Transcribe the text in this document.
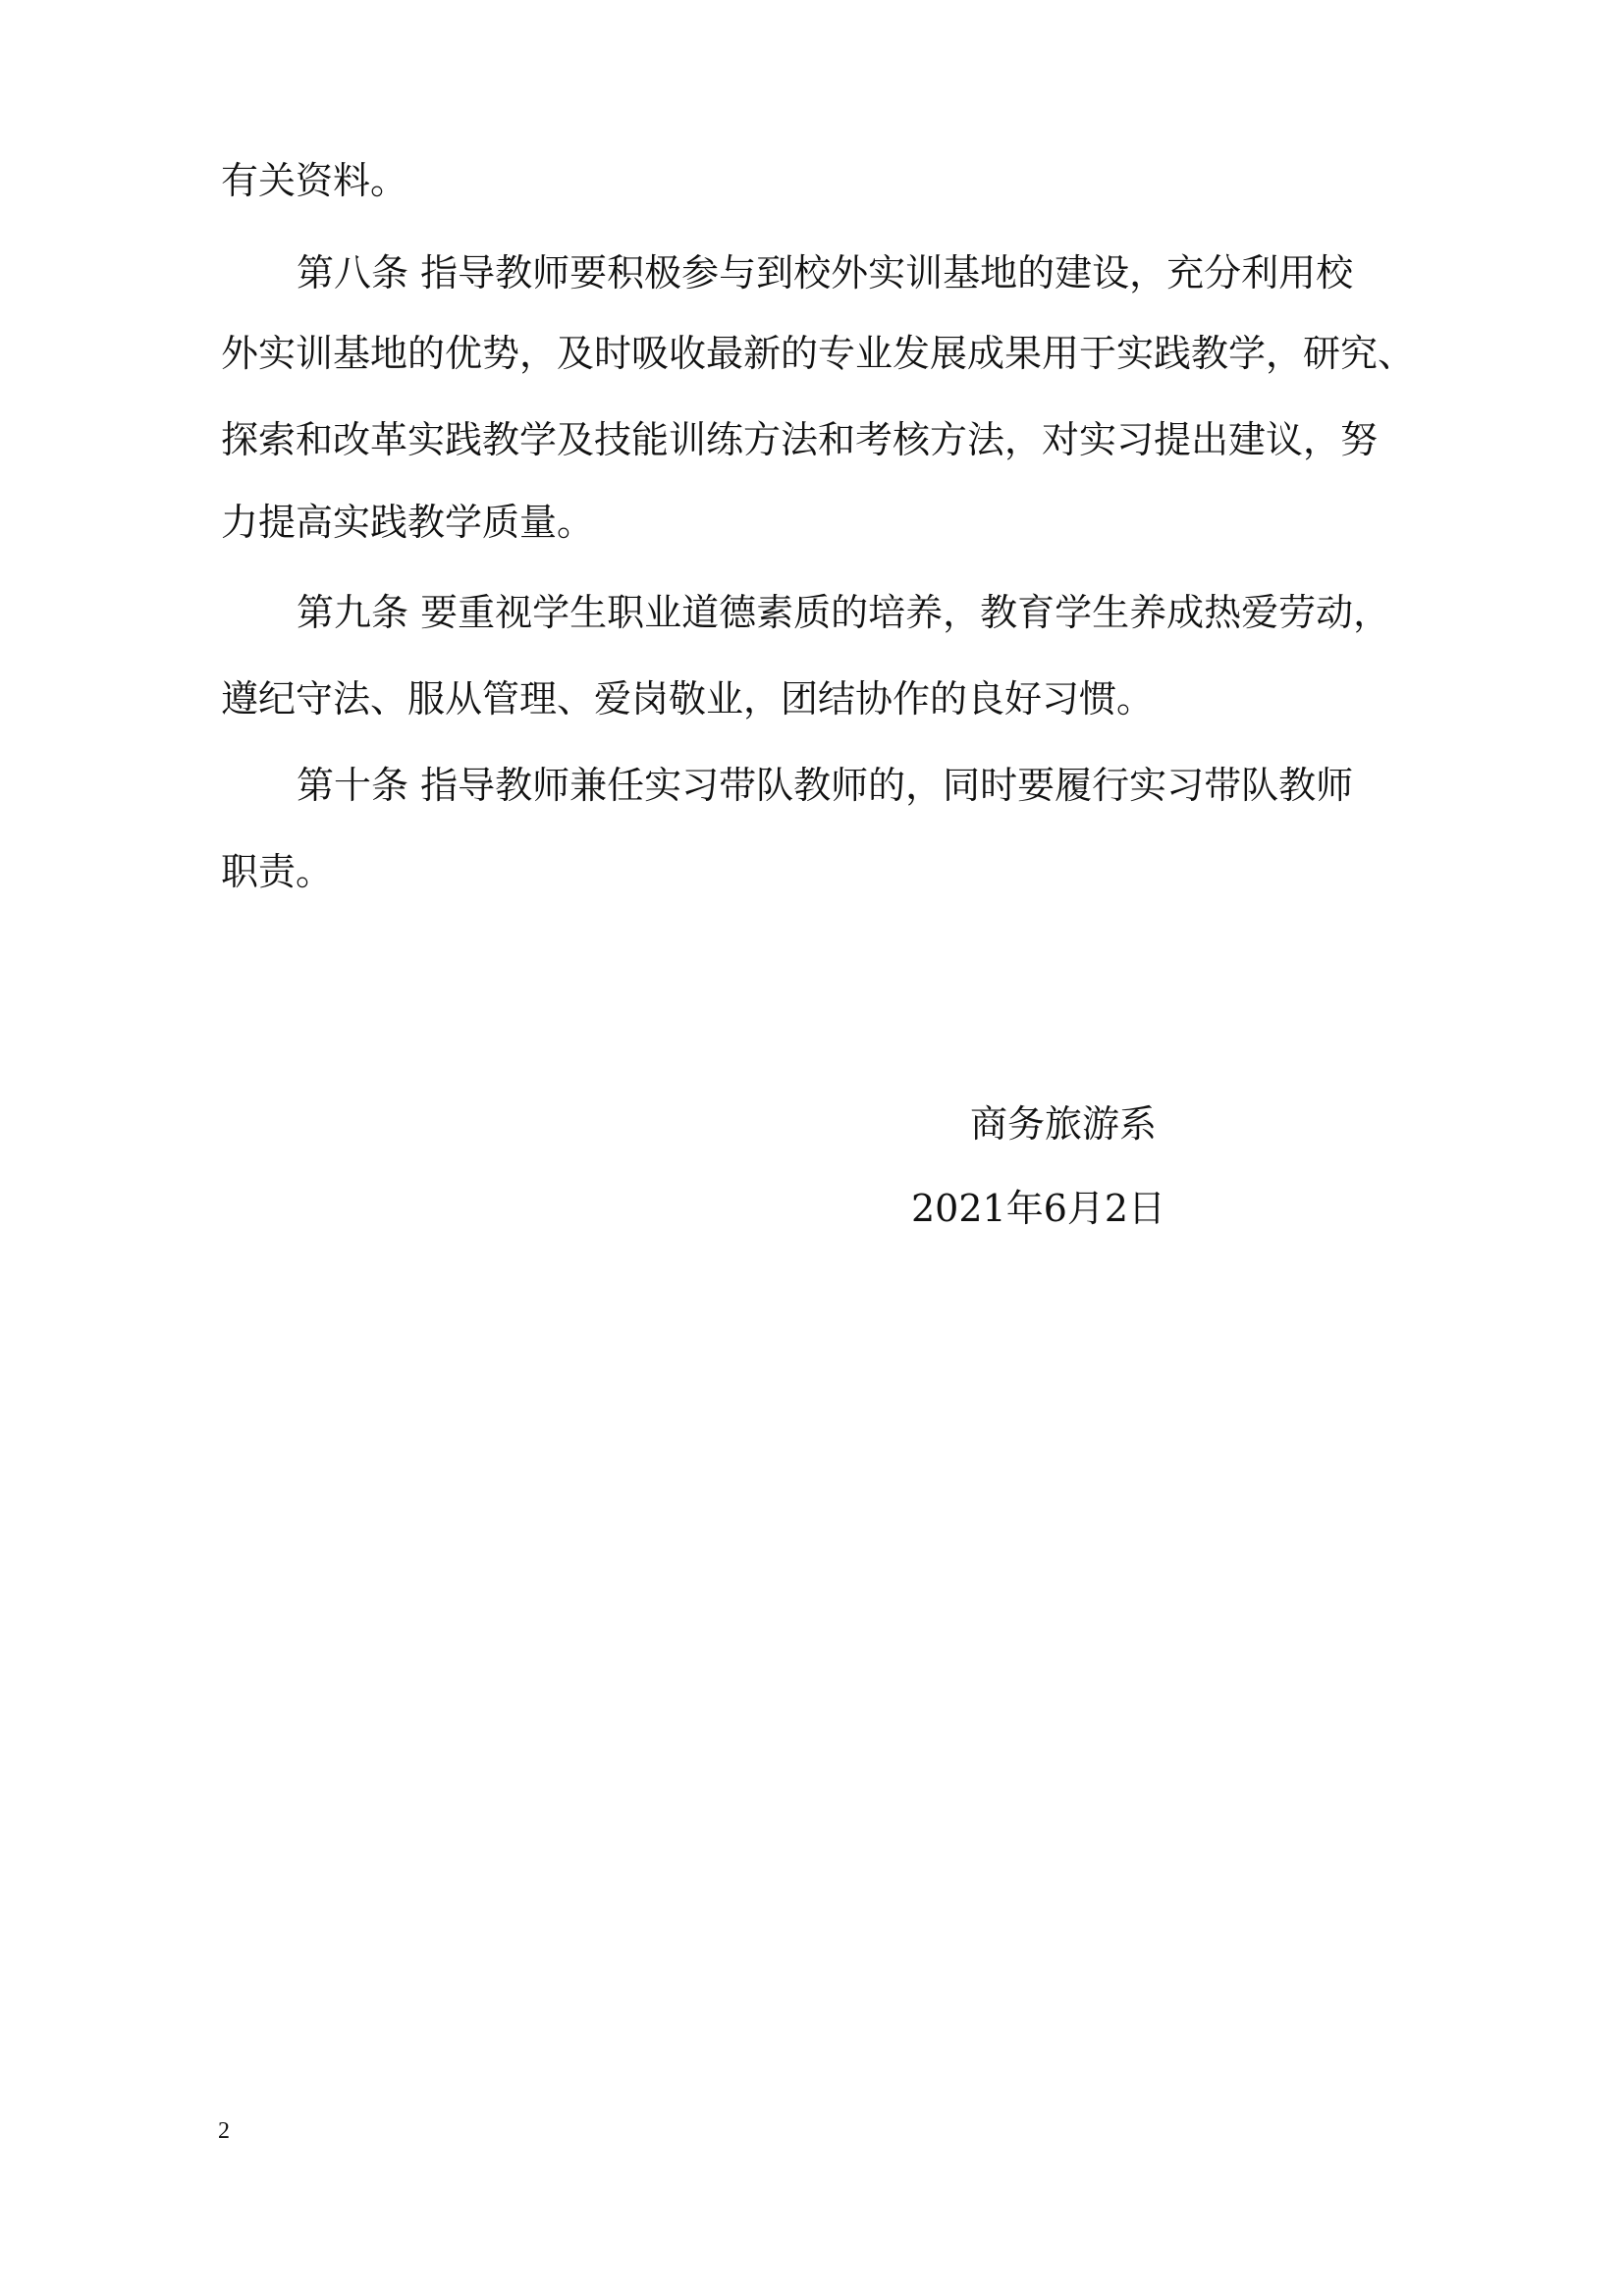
有关资料。
第八条 指导教师要积极参与到校外实训基地的建设，充分利用校
外实训基地的优势，及时吸收最新的专业发展成果用于实践教学，研究、
探索和改革实践教学及技能训练方法和考核方法，对实习提出建议，努
力提高实践教学质量。
第九条 要重视学生职业道德素质的培养，教育学生养成热爱劳动，
遵纪守法、服从管理、爱岗敬业，团结协作的良好习惯。
第十条 指导教师兼任实习带队教师的，同时要履行实习带队教师
职责。
商务旅游系
2021年6月2日
2
